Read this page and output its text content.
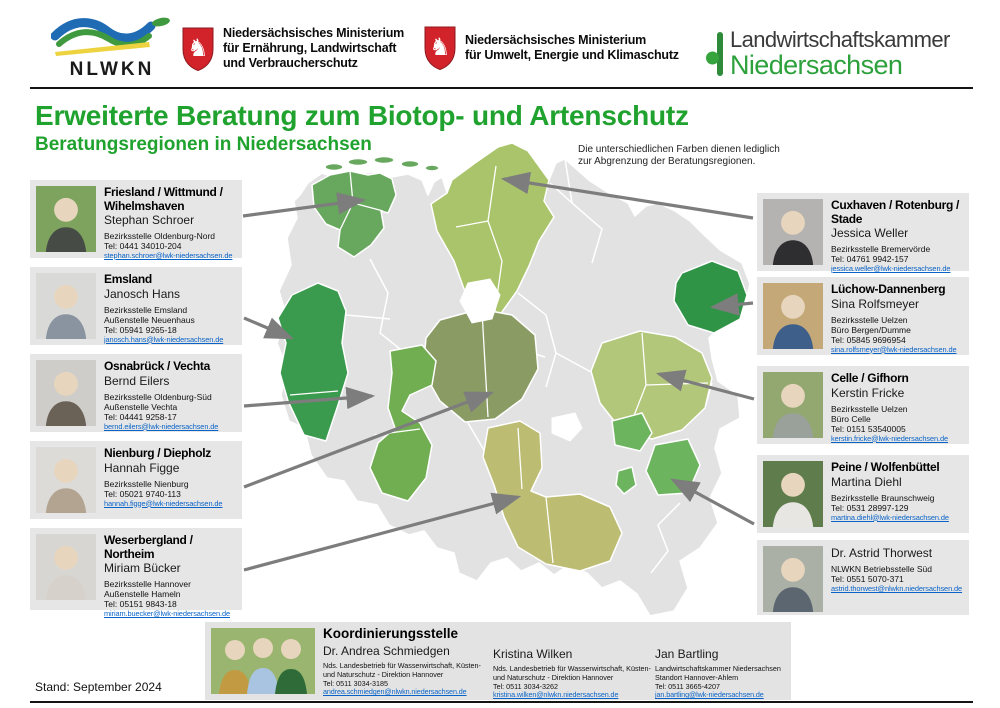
NLWKN
♞
Niedersächsisches Ministerium
für Ernährung, Landwirtschaft
und Verbraucherschutz
♞ Niedersächsisches Ministerium
für Umwelt, Energie und Klimaschutz
Landwirtschaftskammer
Niedersachsen
Erweiterte Beratung zum Biotop- und Artenschutz
Beratungsregionen in Niedersachsen	Die unterschiedlichen Farben dienen lediglich
zur Abgrenzung der Beratungsregionen.
Friesland / Wittmund / Wihelmshaven
Stephan Schroer
Bezirksstelle Oldenburg-Nord
Tel: 0441 34010-204
stephan.schroer@lwk-niedersachsen.de
Emsland
Janosch Hans
Bezirksstelle Emsland
Außenstelle Neuenhaus
Tel: 05941 9265-18
janosch.hans@lwk-niedersachsen.de
Osnabrück / Vechta
Bernd Eilers
Bezirksstelle Oldenburg-Süd
Außenstelle Vechta
Tel: 04441 9258-17
bernd.eilers@lwk-niedersachsen.de
Nienburg / Diepholz
Hannah Figge
Bezirksstelle Nienburg
Tel: 05021 9740-113
hannah.figge@lwk-niedersachsen.de
Weserbergland / Northeim
Miriam Bücker
Bezirksstelle Hannover
Außenstelle Hameln
Tel: 05151 9843-18
miriam.buecker@lwk-niedersachsen.de
Cuxhaven / Rotenburg / Stade
Jessica Weller
Bezirksstelle Bremervörde
Tel: 04761 9942-157
jessica.weller@lwk-niedersachsen.de
Lüchow-Dannenberg
Sina Rolfsmeyer
Bezirksstelle Uelzen
Büro Bergen/Dumme
Tel: 05845 9696954
sina.rolfsmeyer@lwk-niedersachsen.de
Celle / Gifhorn
Kerstin Fricke
Bezirksstelle Uelzen
Büro Celle
Tel: 0151 53540005
kerstin.fricke@lwk-niedersachsen.de
Peine / Wolfenbüttel
Martina Diehl
Bezirksstelle Braunschweig
Tel: 0531 28997-129
martina.diehl@lwk-niedersachsen.de
Dr. Astrid Thorwest
NLWKN Betriebsstelle Süd
Tel: 0551 5070-371
astrid.thorwest@nlwkn.niedersachsen.de
Koordinierungsstelle
Dr. Andrea Schmiedgen
Nds. Landesbetrieb für Wasserwirtschaft, Küsten-
und Naturschutz - Direktion Hannover
Tel: 0511 3034-3185
andrea.schmiedgen@nlwkn.niedersachsen.de
Kristina Wilken
Nds. Landesbetrieb für Wasserwirtschaft, Küsten-
und Naturschutz - Direktion Hannover
Tel: 0511 3034-3262
kristina.wilken@nlwkn.niedersachsen.de
Jan Bartling
Landwirtschaftskammer Niedersachsen
Standort Hannover-Ahlem
Tel: 0511 3665-4207
jan.bartling@lwk-niedersachsen.de
Stand: September 2024
